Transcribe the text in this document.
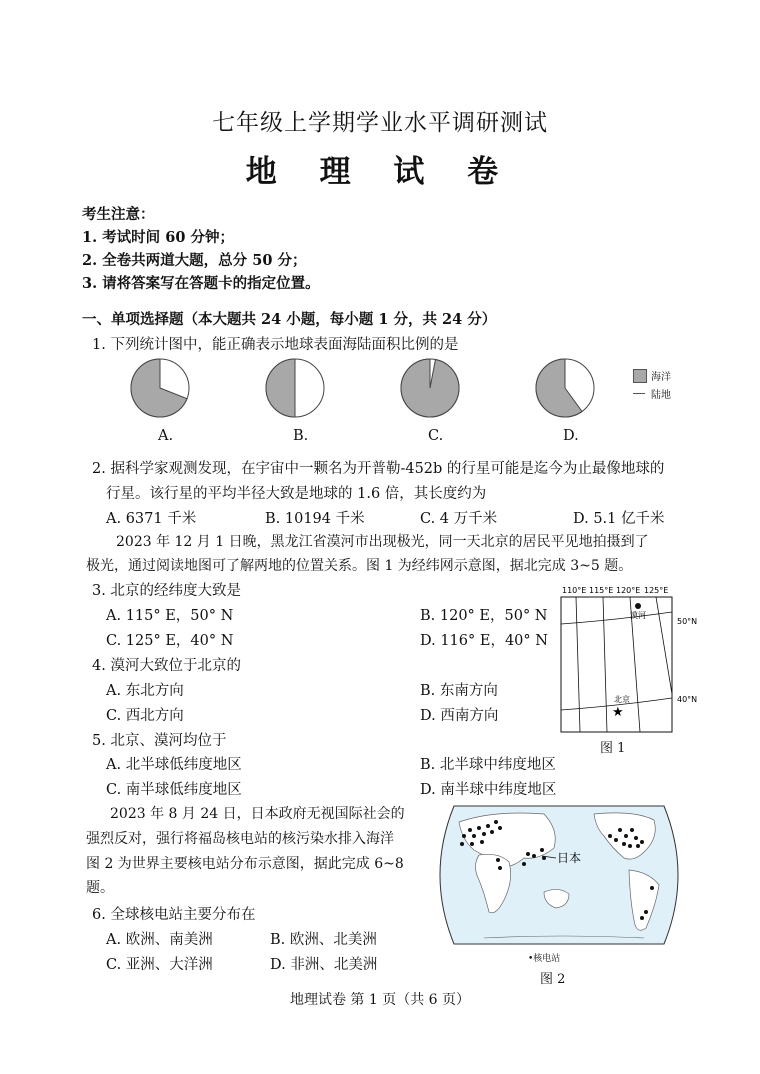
七年级上学期学业水平调研测试
地 理 试 卷
考生注意：
1. 考试时间 60 分钟；
2. 全卷共两道大题，总分 50 分；
3. 请将答案写在答题卡的指定位置。
一、单项选择题（本大题共 24 小题，每小题 1 分，共 24 分）
1. 下列统计图中，能正确表示地球表面海陆面积比例的是
A.	B.	C.	D.
海洋
陆地
2. 据科学家观测发现，在宇宙中一颗名为开普勒-452b 的行星可能是迄今为止最像地球的
行星。该行星的平均半径大致是地球的 1.6 倍，其长度约为
A. 6371 千米	B. 10194 千米	C. 4 万千米	D. 5.1 亿千米
2023 年 12 月 1 日晚，黑龙江省漠河市出现极光，同一天北京的居民平见地拍摄到了
极光，通过阅读地图可了解两地的位置关系。图 1 为经纬网示意图，据北完成 3~5 题。
3. 北京的经纬度大致是
A. 115° E，50° N	B. 120° E，50° N
C. 125° E，40° N	D. 116° E，40° N
4. 漠河大致位于北京的
A. 东北方向	B. 东南方向
C. 西北方向	D. 西南方向
5. 北京、漠河均位于
A. 北半球低纬度地区	B. 北半球中纬度地区
C. 南半球低纬度地区	D. 南半球中纬度地区
110°E 115°E 120°E 125°E
50°N
40°N
漠河
北京
★
图 1
2023 年 8 月 24 日，日本政府无视国际社会的
强烈反对，强行将福岛核电站的核污染水排入海洋
图 2 为世界主要核电站分布示意图，据此完成 6~8
题。
6. 全球核电站主要分布在
A. 欧洲、南美洲	B. 欧洲、北美洲
C. 亚洲、大洋洲	D. 非洲、北美洲
日本
•核电站
图 2
地理试卷 第 1 页（共 6 页）
